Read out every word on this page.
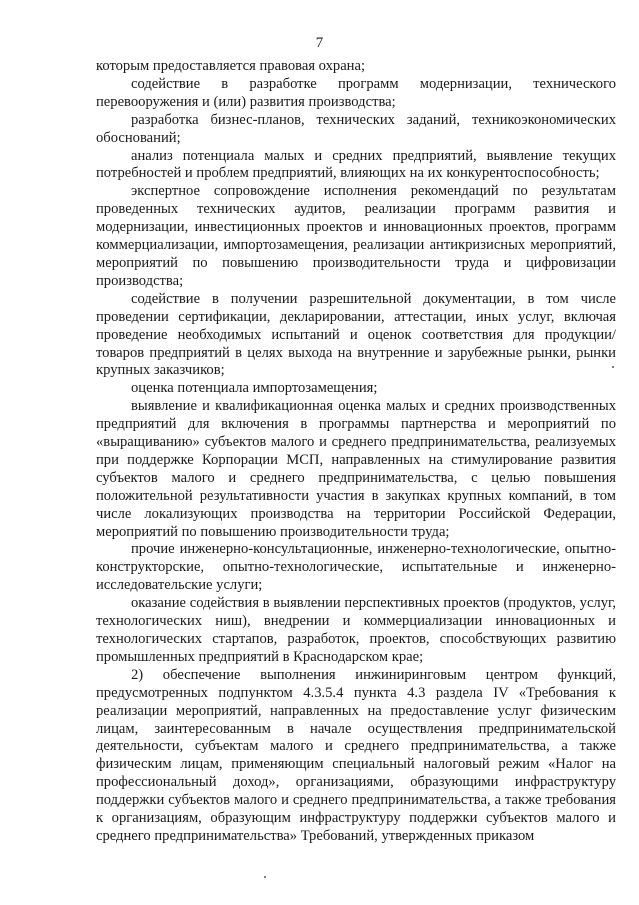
7

которым предоставляется правовая охрана;

содействие в разработке программ модернизации, технического перевооружения и (или) развития производства;

разработка бизнес-планов, технических заданий, техникоэкономических обоснований;

анализ потенциала малых и средних предприятий, выявление текущих потребностей и проблем предприятий, влияющих на их конкурентоспособность;

экспертное сопровождение исполнения рекомендаций по результатам проведенных технических аудитов, реализации программ развития и модернизации, инвестиционных проектов и инновационных проектов, программ коммерциализации, импортозамещения, реализации антикризисных мероприятий, мероприятий по повышению производительности труда и цифровизации производства;

содействие в получении разрешительной документации, в том числе проведении сертификации, декларировании, аттестации, иных услуг, включая проведение необходимых испытаний и оценок соответствия для продукции/товаров предприятий в целях выхода на внутренние и зарубежные рынки, рынки крупных заказчиков;

оценка потенциала импортозамещения;

выявление и квалификационная оценка малых и средних производственных предприятий для включения в программы партнерства и мероприятий по «выращиванию» субъектов малого и среднего предпринимательства, реализуемых при поддержке Корпорации МСП, направленных на стимулирование развития субъектов малого и среднего предпринимательства, с целью повышения положительной результативности участия в закупках крупных компаний, в том числе локализующих производства на территории Российской Федерации, мероприятий по повышению производительности труда;

прочие инженерно-консультационные, инженерно-технологические, опытно-конструкторские, опытно-технологические, испытательные и инженерно-исследовательские услуги;

оказание содействия в выявлении перспективных проектов (продуктов, услуг, технологических ниш), внедрении и коммерциализации инновационных и технологических стартапов, разработок, проектов, способствующих развитию промышленных предприятий в Краснодарском крае;

2) обеспечение выполнения инжиниринговым центром функций, предусмотренных подпунктом 4.3.5.4 пункта 4.3 раздела IV «Требования к реализации мероприятий, направленных на предоставление услуг физическим лицам, заинтересованным в начале осуществления предпринимательской деятельности, субъектам малого и среднего предпринимательства, а также физическим лицам, применяющим специальный налоговый режим «Налог на профессиональный доход», организациями, образующими инфраструктуру поддержки субъектов малого и среднего предпринимательства, а также требования к организациям, образующим инфраструктуру поддержки субъектов малого и среднего предпринимательства» Требований, утвержденных приказом
